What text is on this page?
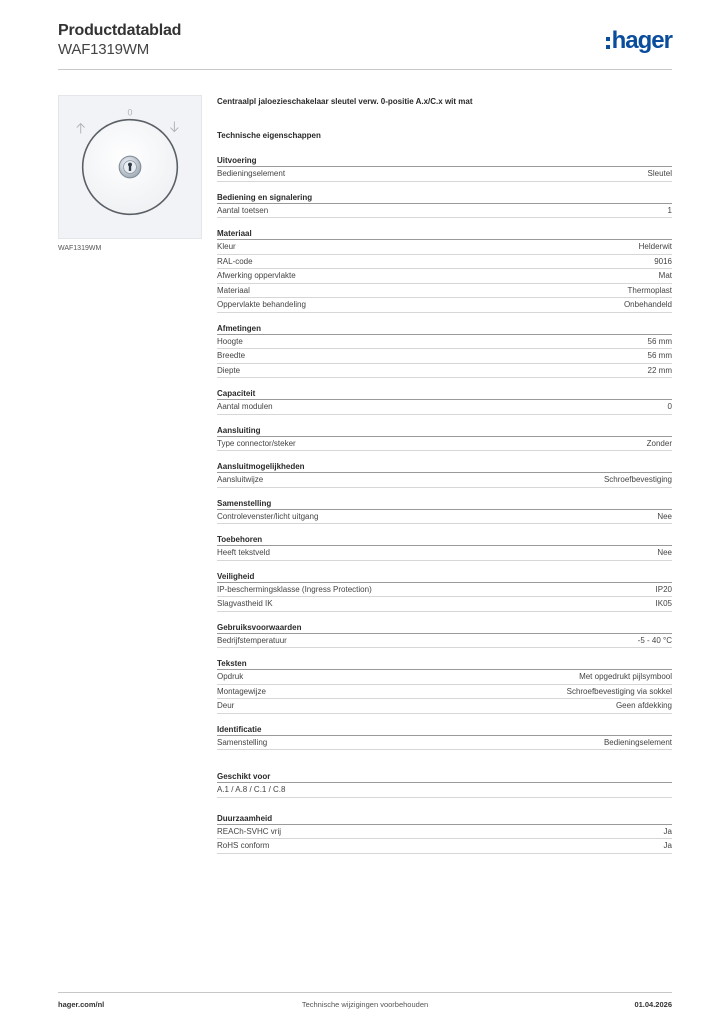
Productdatablad
WAF1319WM	hager
0
WAF1319WM
Centraalpl jaloezieschakelaar sleutel verw. 0-positie A.x/C.x wit mat
Technische eigenschappen
Uitvoering
Bedieningselement	Sleutel
Bediening en signalering
Aantal toetsen	1
Materiaal
Kleur	Helderwit
RAL-code	9016
Afwerking oppervlakte	Mat
Materiaal	Thermoplast
Oppervlakte behandeling	Onbehandeld
Afmetingen
Hoogte	56 mm
Breedte	56 mm
Diepte	22 mm
Capaciteit
Aantal modulen	0
Aansluiting
Type connector/steker	Zonder
Aansluitmogelijkheden
Aansluitwijze	Schroefbevestiging
Samenstelling
Controlevenster/licht uitgang	Nee
Toebehoren
Heeft tekstveld	Nee
Veiligheid
IP-beschermingsklasse (Ingress Protection)	IP20
Slagvastheid IK	IK05
Gebruiksvoorwaarden
Bedrijfstemperatuur	-5 - 40 °C
Teksten
Opdruk	Met opgedrukt pijlsymbool
Montagewijze	Schroefbevestiging via sokkel
Deur	Geen afdekking
Identificatie
Samenstelling	Bedieningselement
Geschikt voor
A.1 / A.8 / C.1 / C.8
Duurzaamheid
REACh-SVHC vrij	Ja
RoHS conform	Ja
hager.com/nl	Technische wijzigingen voorbehouden	01.04.2026
